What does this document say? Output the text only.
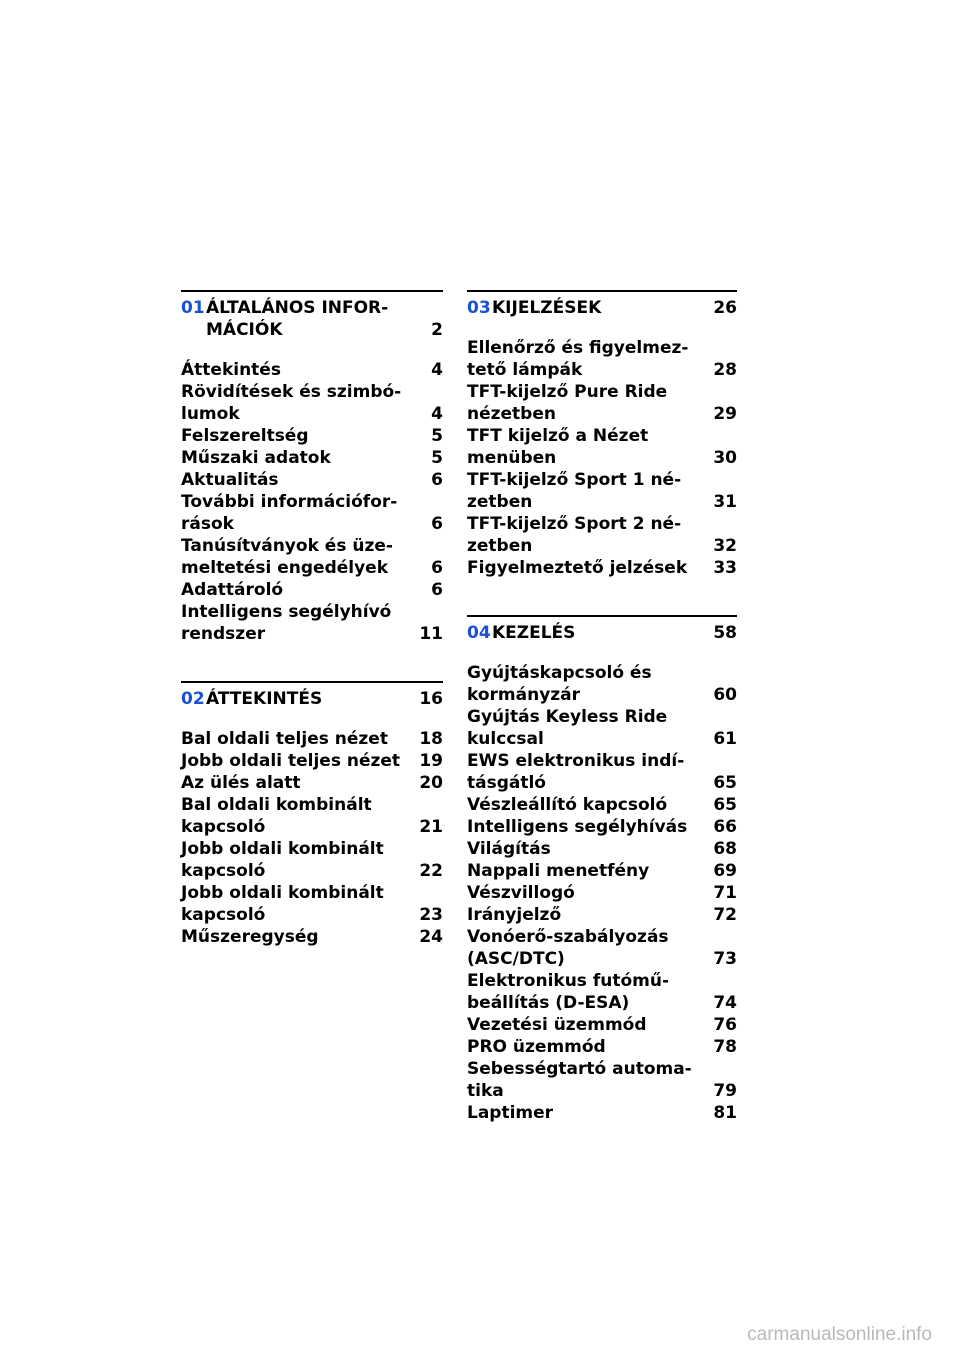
01 ÁLTALÁNOS INFOR-
MÁCIÓK	2
Áttekintés	4
Rövidítések és szimbó-
lumok	4
Felszereltség	5
Műszaki adatok	5
Aktualitás	6
További információfor-
rások	6
Tanúsítványok és üze-
meltetési engedélyek	6
Adattároló	6
Intelligens segélyhívó
rendszer	11
02 ÁTTEKINTÉS	16
Bal oldali teljes nézet 18
Jobb oldali teljes nézet 19
Az ülés alatt	20
Bal oldali kombinált
kapcsoló	21
Jobb oldali kombinált
kapcsoló	22
Jobb oldali kombinált
kapcsoló	23
Műszeregység	24
03 KIJELZÉSEK	26
Ellenőrző és figyelmez-
tető lámpák	28
TFT-kijelző Pure Ride
nézetben	29
TFT kijelző a Nézet
menüben	30
TFT-kijelző Sport 1 né-
zetben	31
TFT-kijelző Sport 2 né-
zetben	32
Figyelmeztető jelzések 33
04 KEZELÉS	58
Gyújtáskapcsoló és
kormányzár	60
Gyújtás Keyless Ride
kulccsal	61
EWS elektronikus indí-
tásgátló	65
Vészleállító kapcsoló	65
Intelligens segélyhívás 66
Világítás	68
Nappali menetfény	69
Vészvillogó	71
Irányjelző	72
Vonóerő-szabályozás
(ASC/DTC)	73
Elektronikus futómű-
beállítás (D-ESA)	74
Vezetési üzemmód	76
PRO üzemmód	78
Sebességtartó automa-
tika	79
Laptimer	81
carmanualsonline.info
